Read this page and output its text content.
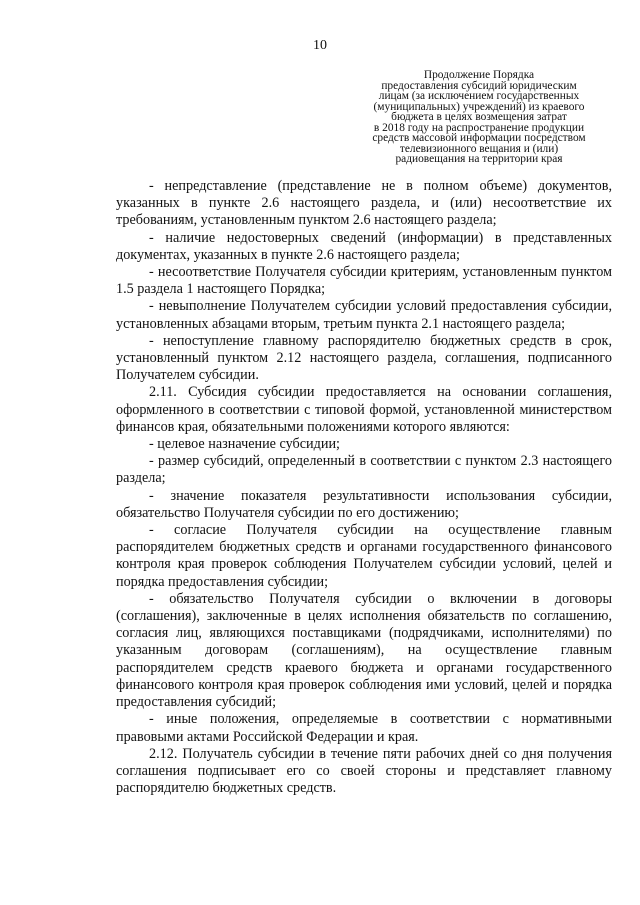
10
Продолжение Порядка
предоставления субсидий юридическим
лицам (за исключением государственных
(муниципальных) учреждений) из краевого
бюджета в целях возмещения затрат
в 2018 году на распространение продукции
средств массовой информации посредством
телевизионного вещания и (или)
радиовещания на территории края

- непредставление (представление не в полном объеме) документов, указанных в пункте 2.6 настоящего раздела, и (или) несоответствие их требованиям, установленным пунктом 2.6 настоящего раздела;

- наличие недостоверных сведений (информации) в представленных документах, указанных в пункте 2.6 настоящего раздела;

- несоответствие Получателя субсидии критериям, установленным пунктом 1.5 раздела 1 настоящего Порядка;

- невыполнение Получателем субсидии условий предоставления субсидии, установленных абзацами вторым, третьим пункта 2.1 настоящего раздела;

- непоступление главному распорядителю бюджетных средств в срок, установленный пунктом 2.12 настоящего раздела, соглашения, подписанного Получателем субсидии.

2.11. Субсидия субсидии предоставляется на основании соглашения, оформленного в соответствии с типовой формой, установленной министерством финансов края, обязательными положениями которого являются:

- целевое назначение субсидии;

- размер субсидий, определенный в соответствии с пунктом 2.3 настоящего раздела;

- значение показателя результативности использования субсидии, обязательство Получателя субсидии по его достижению;

- согласие Получателя субсидии на осуществление главным распорядителем бюджетных средств и органами государственного финансового контроля края проверок соблюдения Получателем субсидии условий, целей и порядка предоставления субсидии;

- обязательство Получателя субсидии о включении в договоры (соглашения), заключенные в целях исполнения обязательств по соглашению, согласия лиц, являющихся поставщиками (подрядчиками, исполнителями) по указанным договорам (соглашениям), на осуществление главным распорядителем средств краевого бюджета и органами государственного финансового контроля края проверок соблюдения ими условий, целей и порядка предоставления субсидий;

- иные положения, определяемые в соответствии с нормативными правовыми актами Российской Федерации и края.

2.12. Получатель субсидии в течение пяти рабочих дней со дня получения соглашения подписывает его со своей стороны и представляет главному распорядителю бюджетных средств.
